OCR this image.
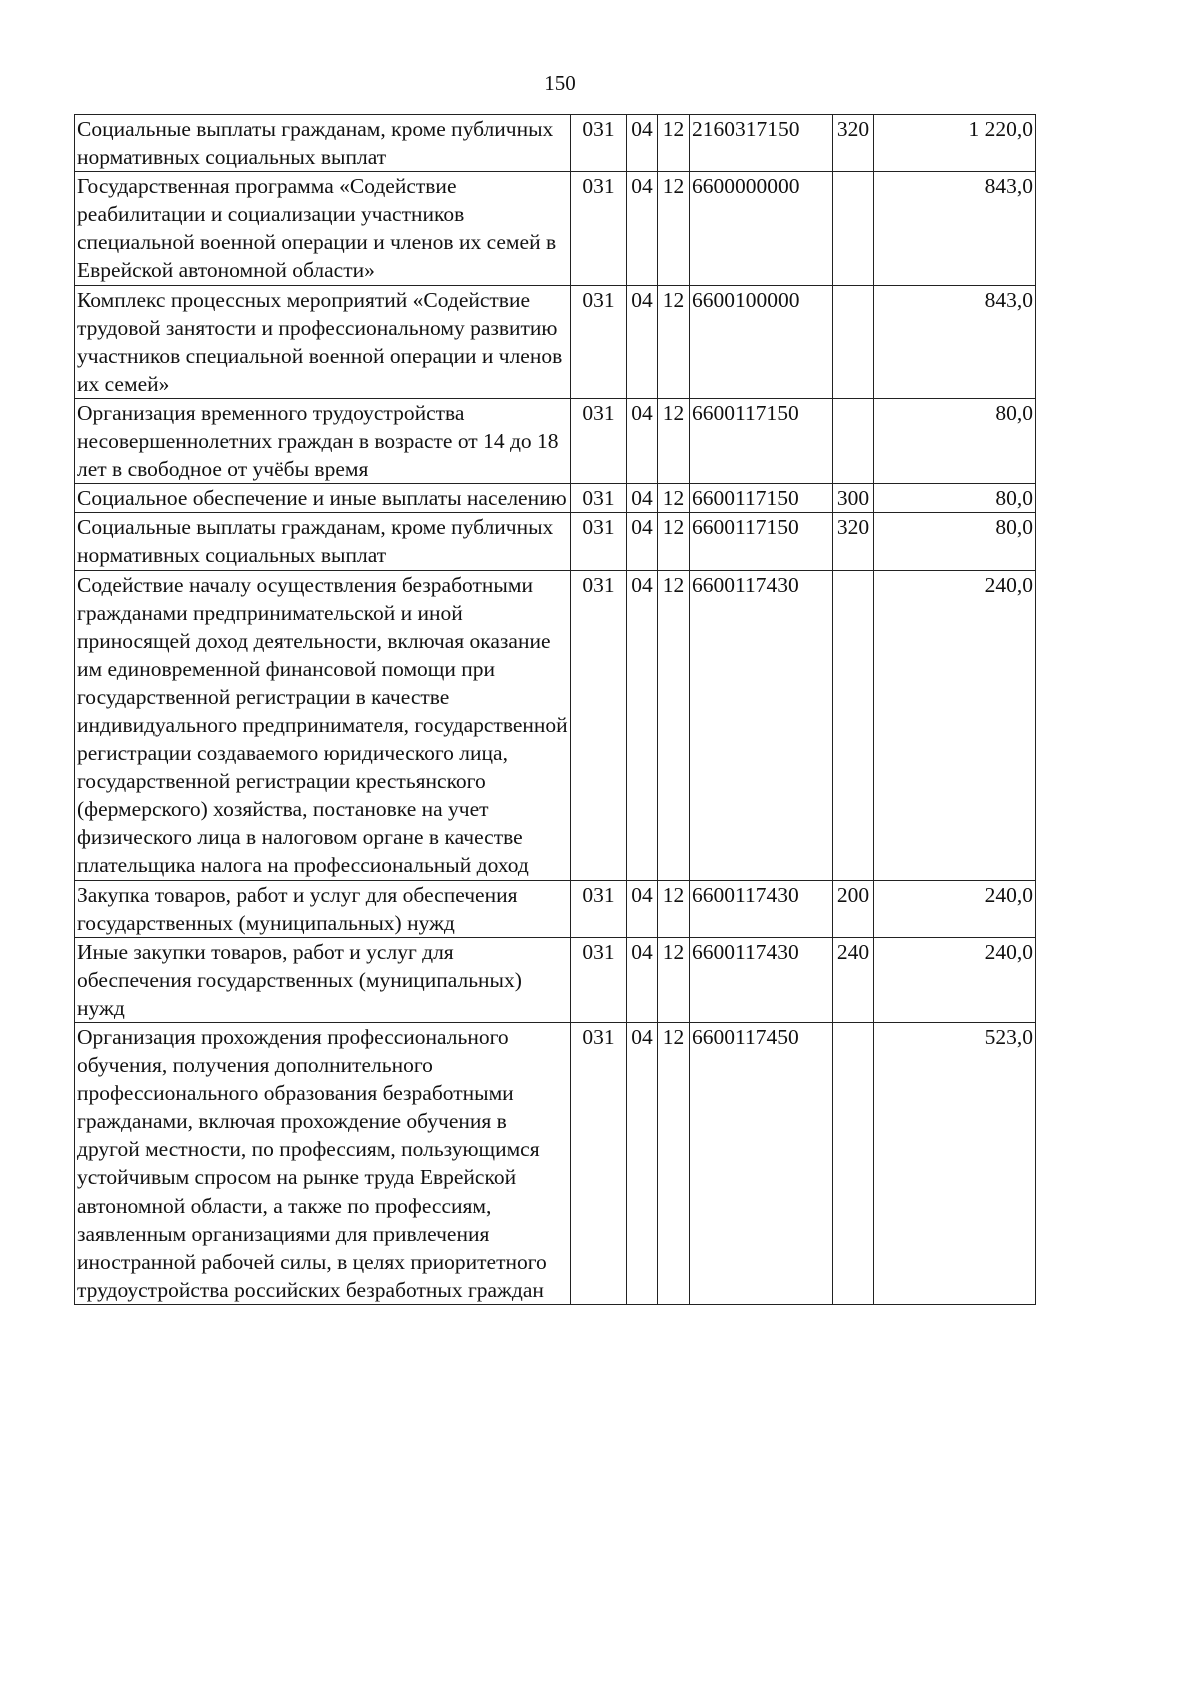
150
Социальные выплаты гражданам, кроме публичных нормативных социальных выплат	031	04	12	2160317150	320	1 220,0
Государственная программа «Содействие реабилитации и социализации участников специальной военной операции и членов их семей в Еврейской автономной области»	031	04	12	6600000000		843,0
Комплекс процессных мероприятий «Содействие трудовой занятости и профессиональному развитию участников специальной военной операции и членов их семей»	031	04	12	6600100000		843,0
Организация временного трудоустройства несовершеннолетних граждан в возрасте от 14 до 18 лет в свободное от учёбы время	031	04	12	6600117150		80,0
Социальное обеспечение и иные выплаты населению	031	04	12	6600117150	300	80,0
Социальные выплаты гражданам, кроме публичных нормативных социальных выплат	031	04	12	6600117150	320	80,0
Содействие началу осуществления безработными гражданами предпринимательской и иной приносящей доход деятельности, включая оказание им единовременной финансовой помощи при государственной регистрации в качестве индивидуального предпринимателя, государственной регистрации создаваемого юридического лица, государственной регистрации крестьянского (фермерского) хозяйства, постановке на учет физического лица в налоговом органе в качестве плательщика налога на профессиональный доход	031	04	12	6600117430		240,0
Закупка товаров, работ и услуг для обеспечения государственных (муниципальных) нужд	031	04	12	6600117430	200	240,0
Иные закупки товаров, работ и услуг для обеспечения государственных (муниципальных) нужд	031	04	12	6600117430	240	240,0
Организация прохождения профессионального обучения, получения дополнительного профессионального образования безработными гражданами, включая прохождение обучения в другой местности, по профессиям, пользующимся устойчивым спросом на рынке труда Еврейской автономной области, а также по профессиям, заявленным организациями для привлечения иностранной рабочей силы, в целях приоритетного трудоустройства российских безработных граждан	031	04	12	6600117450		523,0
